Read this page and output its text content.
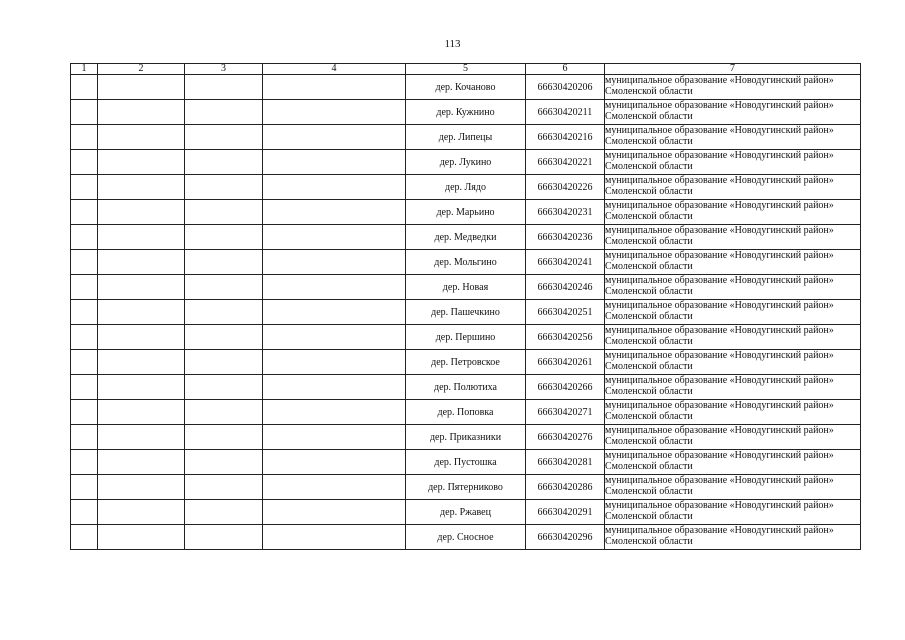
113
1	2	3	4	5	6	7
				дер. Кочаново	66630420206	муниципальное образование «Новодугинский район»
Смоленской области

				дер. Кужнино	66630420211	муниципальное образование «Новодугинский район»
Смоленской области

				дер. Липецы	66630420216	муниципальное образование «Новодугинский район»
Смоленской области

				дер. Лукино	66630420221	муниципальное образование «Новодугинский район»
Смоленской области

				дер. Лядо	66630420226	муниципальное образование «Новодугинский район»
Смоленской области

				дер. Марьино	66630420231	муниципальное образование «Новодугинский район»
Смоленской области

				дер. Медведки	66630420236	муниципальное образование «Новодугинский район»
Смоленской области

				дер. Мольгино	66630420241	муниципальное образование «Новодугинский район»
Смоленской области

				дер. Новая	66630420246	муниципальное образование «Новодугинский район»
Смоленской области

				дер. Пашечкино	66630420251	муниципальное образование «Новодугинский район»
Смоленской области

				дер. Першино	66630420256	муниципальное образование «Новодугинский район»
Смоленской области

				дер. Петровское	66630420261	муниципальное образование «Новодугинский район»
Смоленской области

				дер. Полютиха	66630420266	муниципальное образование «Новодугинский район»
Смоленской области

				дер. Поповка	66630420271	муниципальное образование «Новодугинский район»
Смоленской области

				дер. Приказники	66630420276	муниципальное образование «Новодугинский район»
Смоленской области

				дер. Пустошка	66630420281	муниципальное образование «Новодугинский район»
Смоленской области

				дер. Пятерниково	66630420286	муниципальное образование «Новодугинский район»
Смоленской области

				дер. Ржавец	66630420291	муниципальное образование «Новодугинский район»
Смоленской области

				дер. Сносное	66630420296	муниципальное образование «Новодугинский район»
Смоленской области
